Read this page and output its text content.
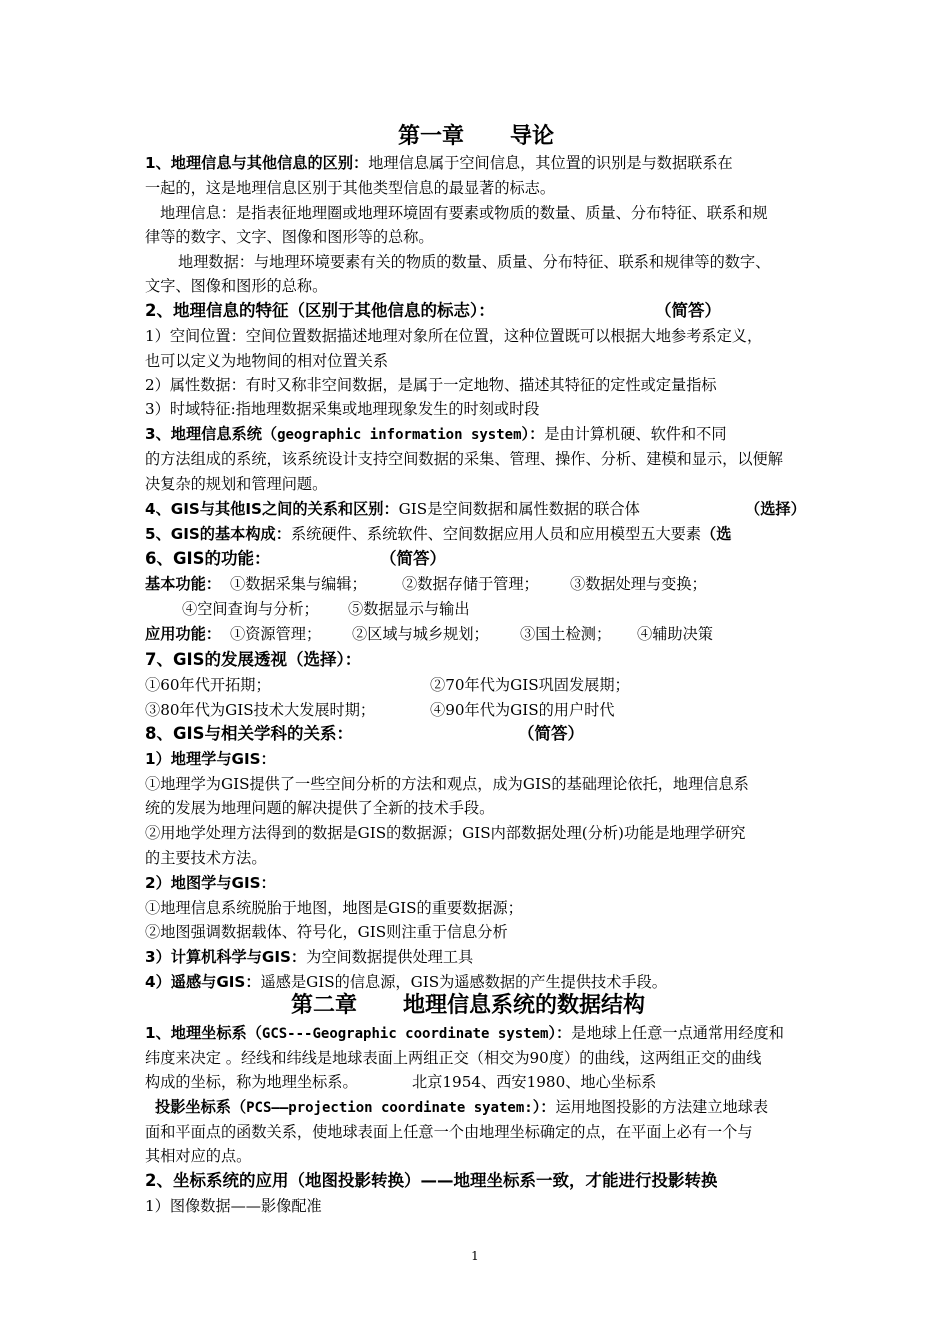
第一章      导论
1、地理信息与其他信息的区别：地理信息属于空间信息，其位置的识别是与数据联系在
一起的，这是地理信息区别于其他类型信息的最显著的标志。
地理信息：是指表征地理圈或地理环境固有要素或物质的数量、质量、分布特征、联系和规
律等的数字、文字、图像和图形等的总称。
地理数据：与地理环境要素有关的物质的数量、质量、分布特征、联系和规律等的数字、
文字、图像和图形的总称。
2、地理信息的特征（区别于其他信息的标志）：	（简答）
1）空间位置：空间位置数据描述地理对象所在位置，这种位置既可以根据大地参考系定义，
也可以定义为地物间的相对位置关系
2）属性数据：有时又称非空间数据，是属于一定地物、描述其特征的定性或定量指标
3）时域特征:指地理数据采集或地理现象发生的时刻或时段
3、地理信息系统（geographic information system）：是由计算机硬、软件和不同
的方法组成的系统，该系统设计支持空间数据的采集、管理、操作、分析、建模和显示，以便解
决复杂的规划和管理问题。
4、GIS与其他IS之间的关系和区别：GIS是空间数据和属性数据的联合体	（选择）
5、GIS的基本构成：系统硬件、系统软件、空间数据应用人员和应用模型五大要素（选
6、GIS的功能：	（简答）
基本功能： ①数据采集与编辑； ②数据存储于管理； ③数据处理与变换；
④空间查询与分析； ⑤数据显示与输出
应用功能： ①资源管理； ②区域与城乡规划； ③国土检测； ④辅助决策
7、GIS的发展透视（选择）：
①60年代开拓期；	②70年代为GIS巩固发展期；
③80年代为GIS技术大发展时期；	④90年代为GIS的用户时代
8、GIS与相关学科的关系：	（简答）
1）地理学与GIS：
①地理学为GIS提供了一些空间分析的方法和观点，成为GIS的基础理论依托，地理信息系
统的发展为地理问题的解决提供了全新的技术手段。
②用地学处理方法得到的数据是GIS的数据源；GIS内部数据处理(分析)功能是地理学研究
的主要技术方法。
2）地图学与GIS：
①地理信息系统脱胎于地图，地图是GIS的重要数据源；
②地图强调数据载体、符号化，GIS则注重于信息分析
3）计算机科学与GIS：为空间数据提供处理工具
4）遥感与GIS：遥感是GIS的信息源，GIS为遥感数据的产生提供技术手段。
第二章      地理信息系统的数据结构
1、地理坐标系（GCS---Geographic coordinate system）：是地球上任意一点通常用经度和
纬度来决定 。经线和纬线是地球表面上两组正交（相交为90度）的曲线，这两组正交的曲线
构成的坐标，称为地理坐标系。	北京1954、西安1980、地心坐标系
投影坐标系（PCS——projection coordinate syatem:）：运用地图投影的方法建立地球表
面和平面点的函数关系，使地球表面上任意一个由地理坐标确定的点，在平面上必有一个与
其相对应的点。
2、坐标系统的应用（地图投影转换）——地理坐标系一致，才能进行投影转换
1）图像数据——影像配准
1
